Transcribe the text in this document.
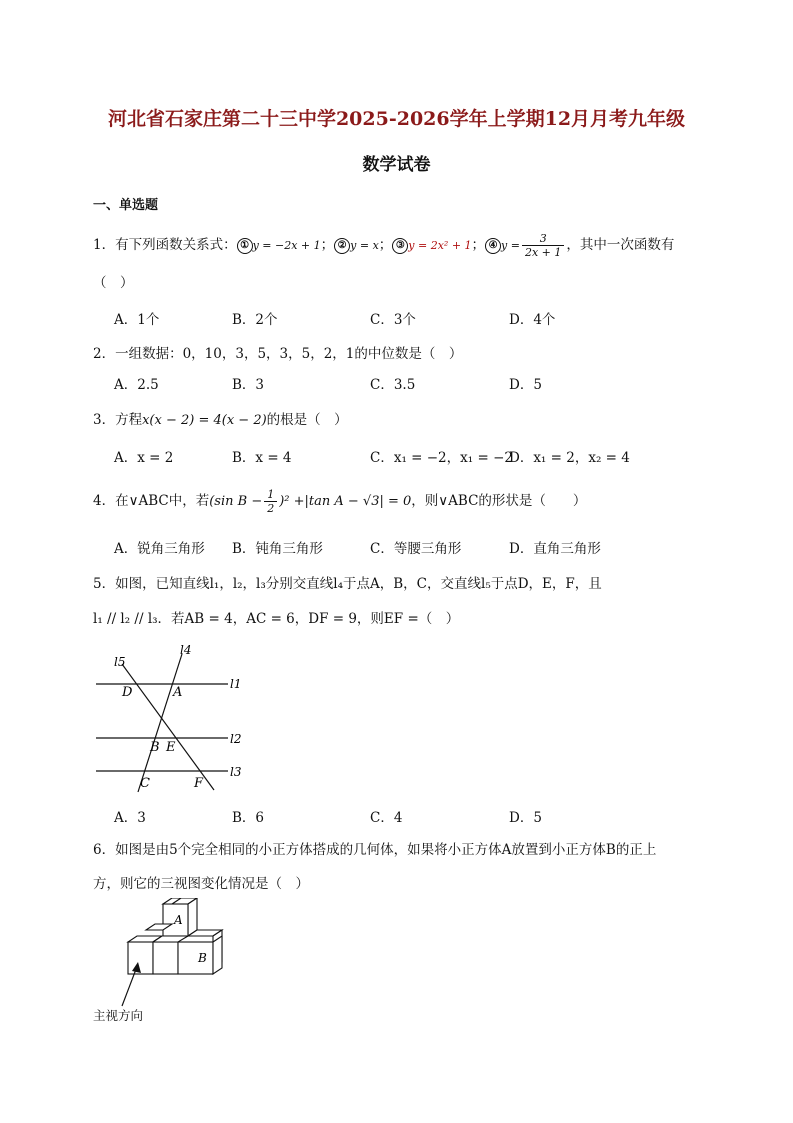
河北省石家庄第二十三中学2025-2026学年上学期12月月考九年级
数学试卷
一、单选题
1．有下列函数关系式： ① y = −2x + 1； ② y = x； ③ y = 2x² + 1； ④ $y = \frac{3}{2x + 1}$ ，其中一次函数有
（　）
A．1个	B．2个	C．3个	D．4个
2．一组数据：0，10，3，5，3，5，2，1的中位数是（　）
A．2.5	B．3	C．3.5	D．5
3．方程x(x − 2) = 4(x − 2)的根是（　）
A．x = 2	B．x = 4	C．x₁ = −2，x₁ = −2
D．x₁ = 2，x₂ = 4
4．在∨ABC中，若(sin $B - \frac{1}{2} )^2 +|\tan$ A − √3| = 0，则∨ABC的形状是（　　）
A．锐角三角形 B．钝角三角形	C．等腰三角形	D．直角三角形
5．如图，已知直线l₁，l₂，l₃分别交直线l₄于点A，B，C，交直线l₅于点D，E，F，且
l₁ // l₂ // l₃．若AB = 4，AC = 6，DF = 9，则EF =（　）
l5
l4
l1
l2
l3
D	A
B E
C	F
A．3	B．6	C．4	D．5
6．如图是由5个完全相同的小正方体搭成的几何体，如果将小正方体A放置到小正方体B的正上
方，则它的三视图变化情况是（　）
A
B
主视方向
